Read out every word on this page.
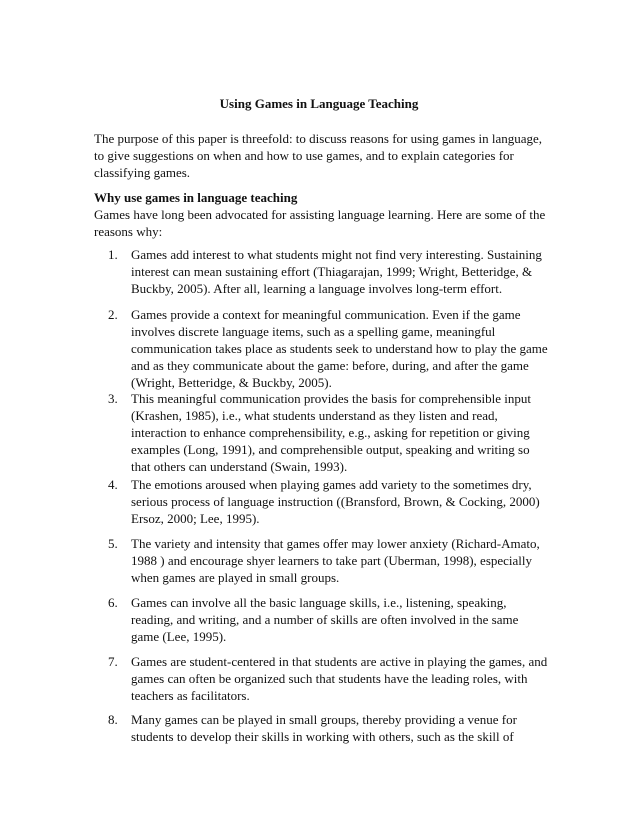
Using Games in Language Teaching

The purpose of this paper is threefold: to discuss reasons for using games in language, to give suggestions on when and how to use games, and to explain categories for classifying games.

Why use games in language teaching

Games have long been advocated for assisting language learning. Here are some of the reasons why:

1.	Games add interest to what students might not find very interesting. Sustaining interest can mean sustaining effort (Thiagarajan, 1999; Wright, Betteridge, & Buckby, 2005). After all, learning a language involves long-term effort.
2.	Games provide a context for meaningful communication. Even if the game involves discrete language items, such as a spelling game, meaningful communication takes place as students seek to understand how to play the game and as they communicate about the game: before, during, and after the game (Wright, Betteridge, & Buckby, 2005).
3.	This meaningful communication provides the basis for comprehensible input (Krashen, 1985), i.e., what students understand as they listen and read, interaction to enhance comprehensibility, e.g., asking for repetition or giving examples (Long, 1991), and comprehensible output, speaking and writing so that others can understand (Swain, 1993).
4.	The emotions aroused when playing games add variety to the sometimes dry, serious process of language instruction ((Bransford, Brown, & Cocking, 2000) Ersoz, 2000; Lee, 1995).
5.	The variety and intensity that games offer may lower anxiety (Richard-Amato, 1988 ) and encourage shyer learners to take part (Uberman, 1998), especially when games are played in small groups.
6.	Games can involve all the basic language skills, i.e., listening, speaking, reading, and writing, and a number of skills are often involved in the same game (Lee, 1995).
7.	Games are student-centered in that students are active in playing the games, and games can often be organized such that students have the leading roles, with teachers as facilitators.
8.	Many games can be played in small groups, thereby providing a venue for students to develop their skills in working with others, such as the skill of
